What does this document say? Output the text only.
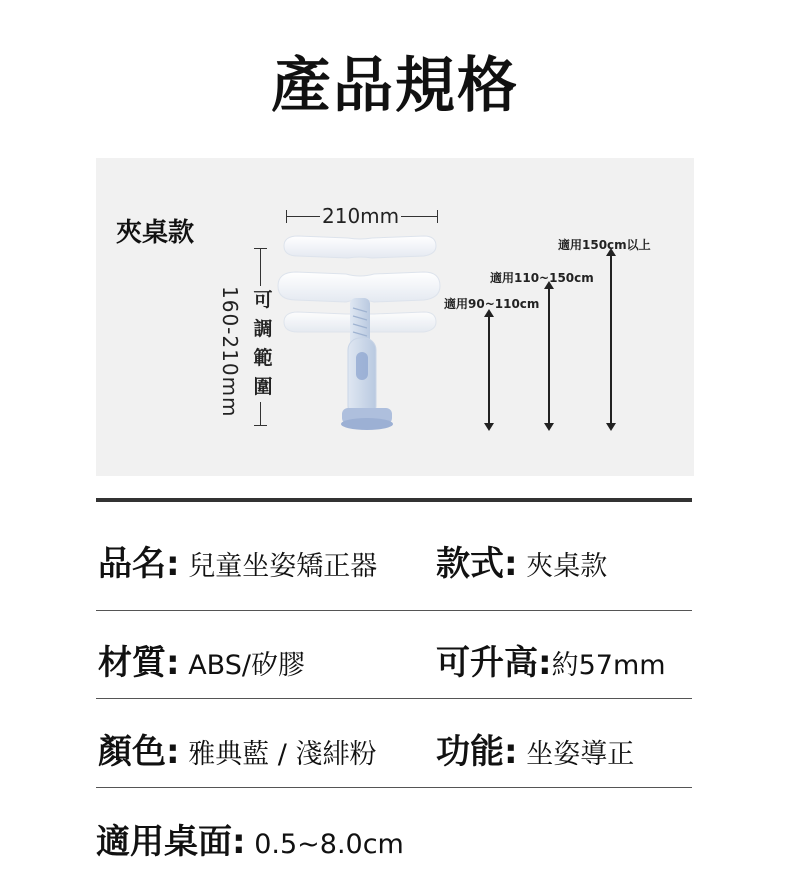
產品規格
夾桌款
210mm
160-210mm 可調範圍
適用90~110cm
適用110~150cm
適用150cm以上
品名: 兒童坐姿矯正器 款式: 夾桌款
材質: ABS/矽膠	可升高:約57mm
顏色: 雅典藍 / 淺緋粉 功能: 坐姿導正
適用桌面: 0.5~8.0cm
